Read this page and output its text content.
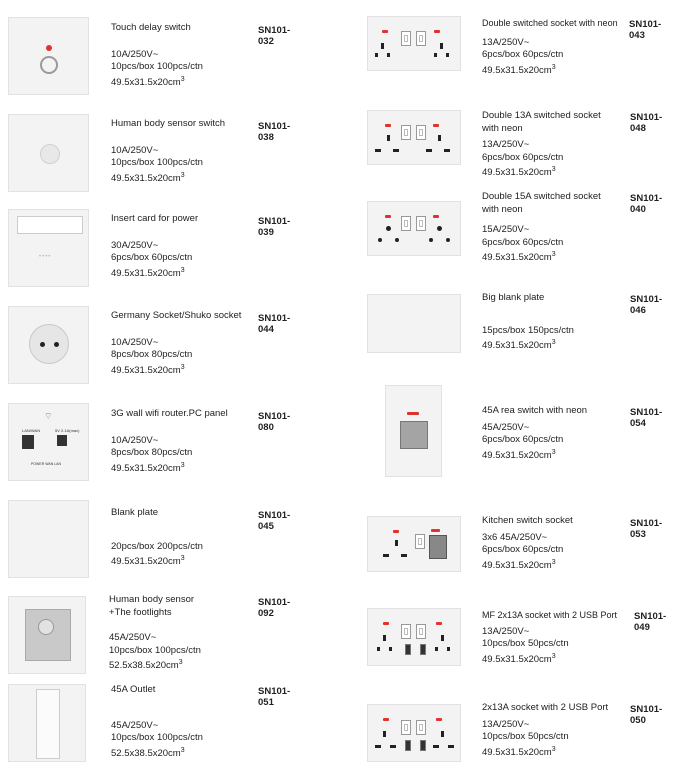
Touch delay switch
10A/250V~
10pcs/box 100pcs/ctn
$49.5x31.5x20cm^3$
SN101-032
Human body sensor switch
10A/250V~
10pcs/box 100pcs/ctn
$49.5x31.5x20cm^3$
SN101-038
••••
Insert card for power
30A/250V~
6pcs/box 60pcs/ctn
$49.5x31.5x20cm^3$
SN101-039
Germany Socket/Shuko socket
10A/250V~
8pcs/box 80pcs/ctn
$49.5x31.5x20cm^3$
SN101-044
⌔
LAN/WAN	5V 2.1A(max)
POWER WAN LAN
3G wall wifi router.PC panel
10A/250V~
8pcs/box 80pcs/ctn
$49.5x31.5x20cm^3$
SN101-080
Blank plate
20pcs/box 200pcs/ctn
$49.5x31.5x20cm^3$
SN101-045
Human body sensor
+The footlights
45A/250V~
10pcs/box 100pcs/ctn
$52.5x38.5x20cm^3$
SN101-092
45A Outlet
45A/250V~
10pcs/box 100pcs/ctn
$52.5x38.5x20cm^3$
SN101-051
Double switched socket with neon
13A/250V~
6pcs/box 60pcs/ctn
$49.5x31.5x20cm^3$
SN101-043
Double 13A switched socket
with neon
13A/250V~
6pcs/box 60pcs/ctn
$49.5x31.5x20cm^3$
SN101-048
Double 15A switched socket
with neon
15A/250V~
6pcs/box 60pcs/ctn
$49.5x31.5x20cm^3$
SN101-040
Big blank plate
15pcs/box 150pcs/ctn
$49.5x31.5x20cm^3$
SN101-046
45A rea switch with neon
45A/250V~
6pcs/box 60pcs/ctn
$49.5x31.5x20cm^3$
SN101-054
Kitchen switch socket
3x6 45A/250V~
6pcs/box 60pcs/ctn
$49.5x31.5x20cm^3$
SN101-053
MF 2x13A socket with 2 USB Port
13A/250V~
10pcs/box 50pcs/ctn
$49.5x31.5x20cm^3$
SN101-049
2x13A socket with 2 USB Port
13A/250V~
10pcs/box 50pcs/ctn
$49.5x31.5x20cm^3$
SN101-050
